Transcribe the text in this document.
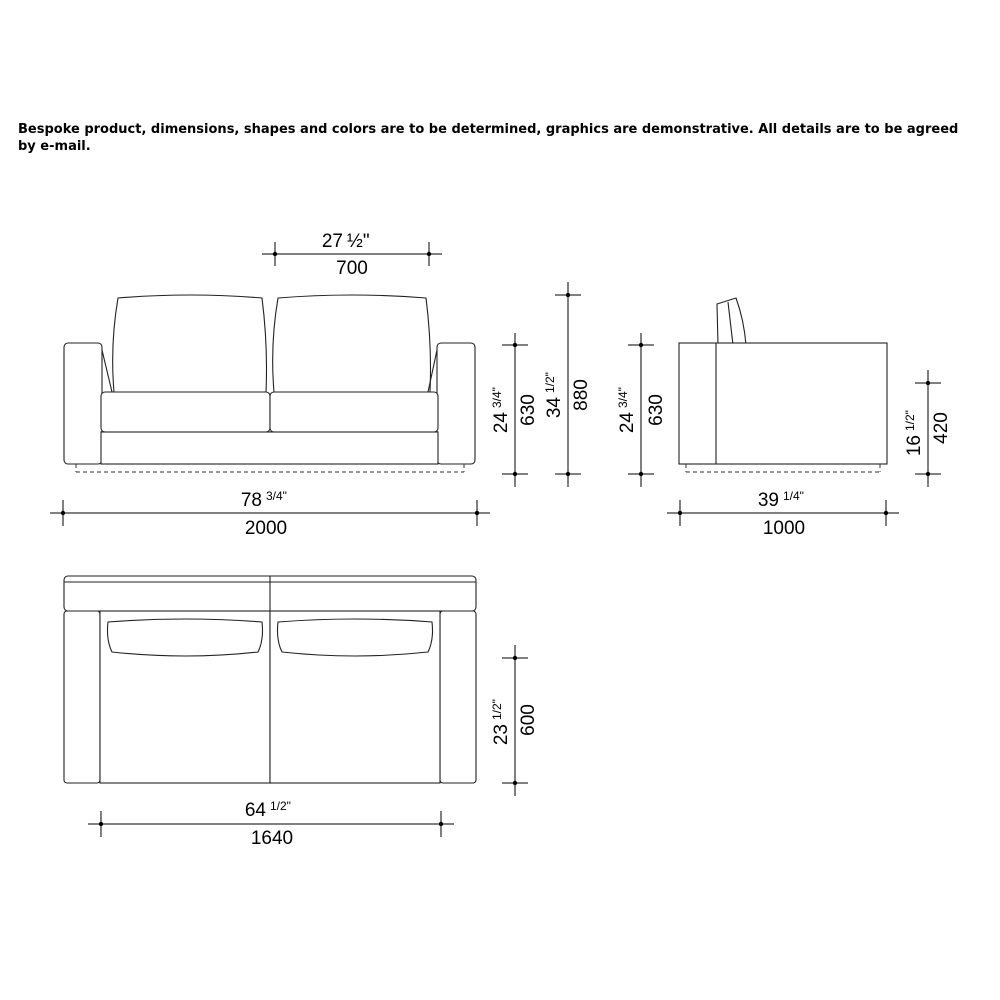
Bespoke product, dimensions, shapes and colors are to be determined, graphics are demonstrative. All details are to be agreed by e-mail.
27 ½"
700
78 3/4"
2000
24
3/4" 630 34
1/2" 880
24
3/4" 630
16
1/2" 420
39 1/4"
1000
23
1/2" 600
64 1/2"
1640
